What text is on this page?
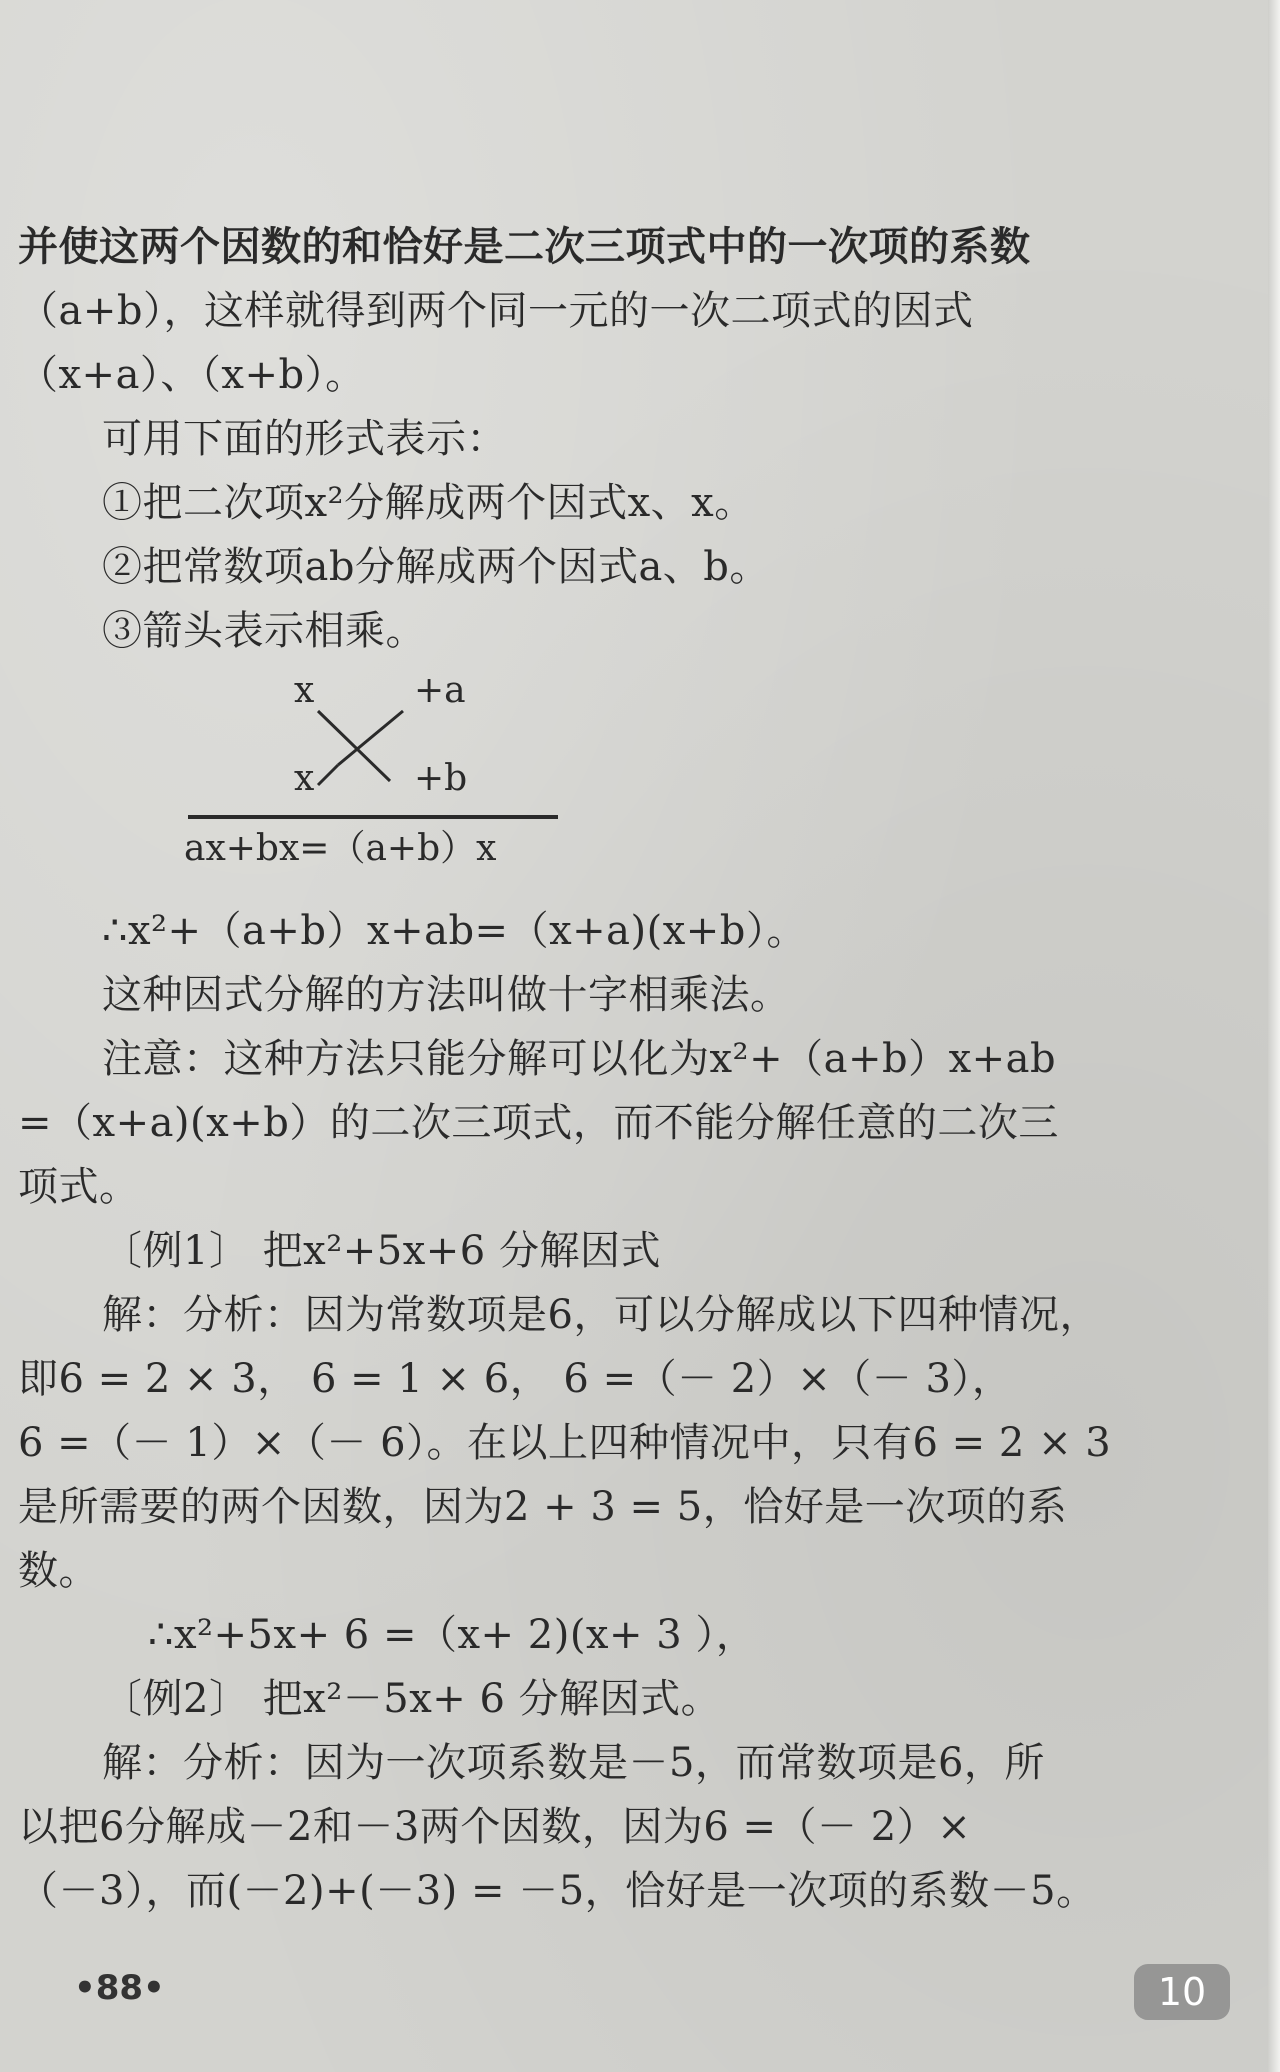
并使这两个因数的和恰好是二次三项式中的一次项的系数

（a+b），这样就得到两个同一元的一次二项式的因式

（x+a）、（x+b）。

可用下面的形式表示：

①把二次项x²分解成两个因式x、x。

②把常数项ab分解成两个因式a、b。

③箭头表示相乘。

x	+a
x	+b
ax+bx=（a+b）x

∴x²+（a+b）x+ab=（x+a)(x+b）。

这种因式分解的方法叫做十字相乘法。

注意：这种方法只能分解可以化为x²+（a+b）x+ab

=（x+a)(x+b）的二次三项式，而不能分解任意的二次三

项式。

〔例1〕 把x²+5x+6 分解因式

解：分析：因为常数项是6，可以分解成以下四种情况，

即6 = 2 × 3， 6 = 1 × 6， 6 =（－ 2）×（－ 3），

6 =（－ 1）×（－ 6）。在以上四种情况中，只有6 = 2 × 3

是所需要的两个因数，因为2 + 3 = 5，恰好是一次项的系

数。

∴x²+5x+ 6 =（x+ 2)(x+ 3 ），

〔例2〕 把x²－5x+ 6 分解因式。

解：分析：因为一次项系数是－5，而常数项是6，所

以把6分解成－2和－3两个因数，因为6 =（－ 2）×

（－3），而(－2)+(－3) = －5，恰好是一次项的系数－5。

•88•	10
